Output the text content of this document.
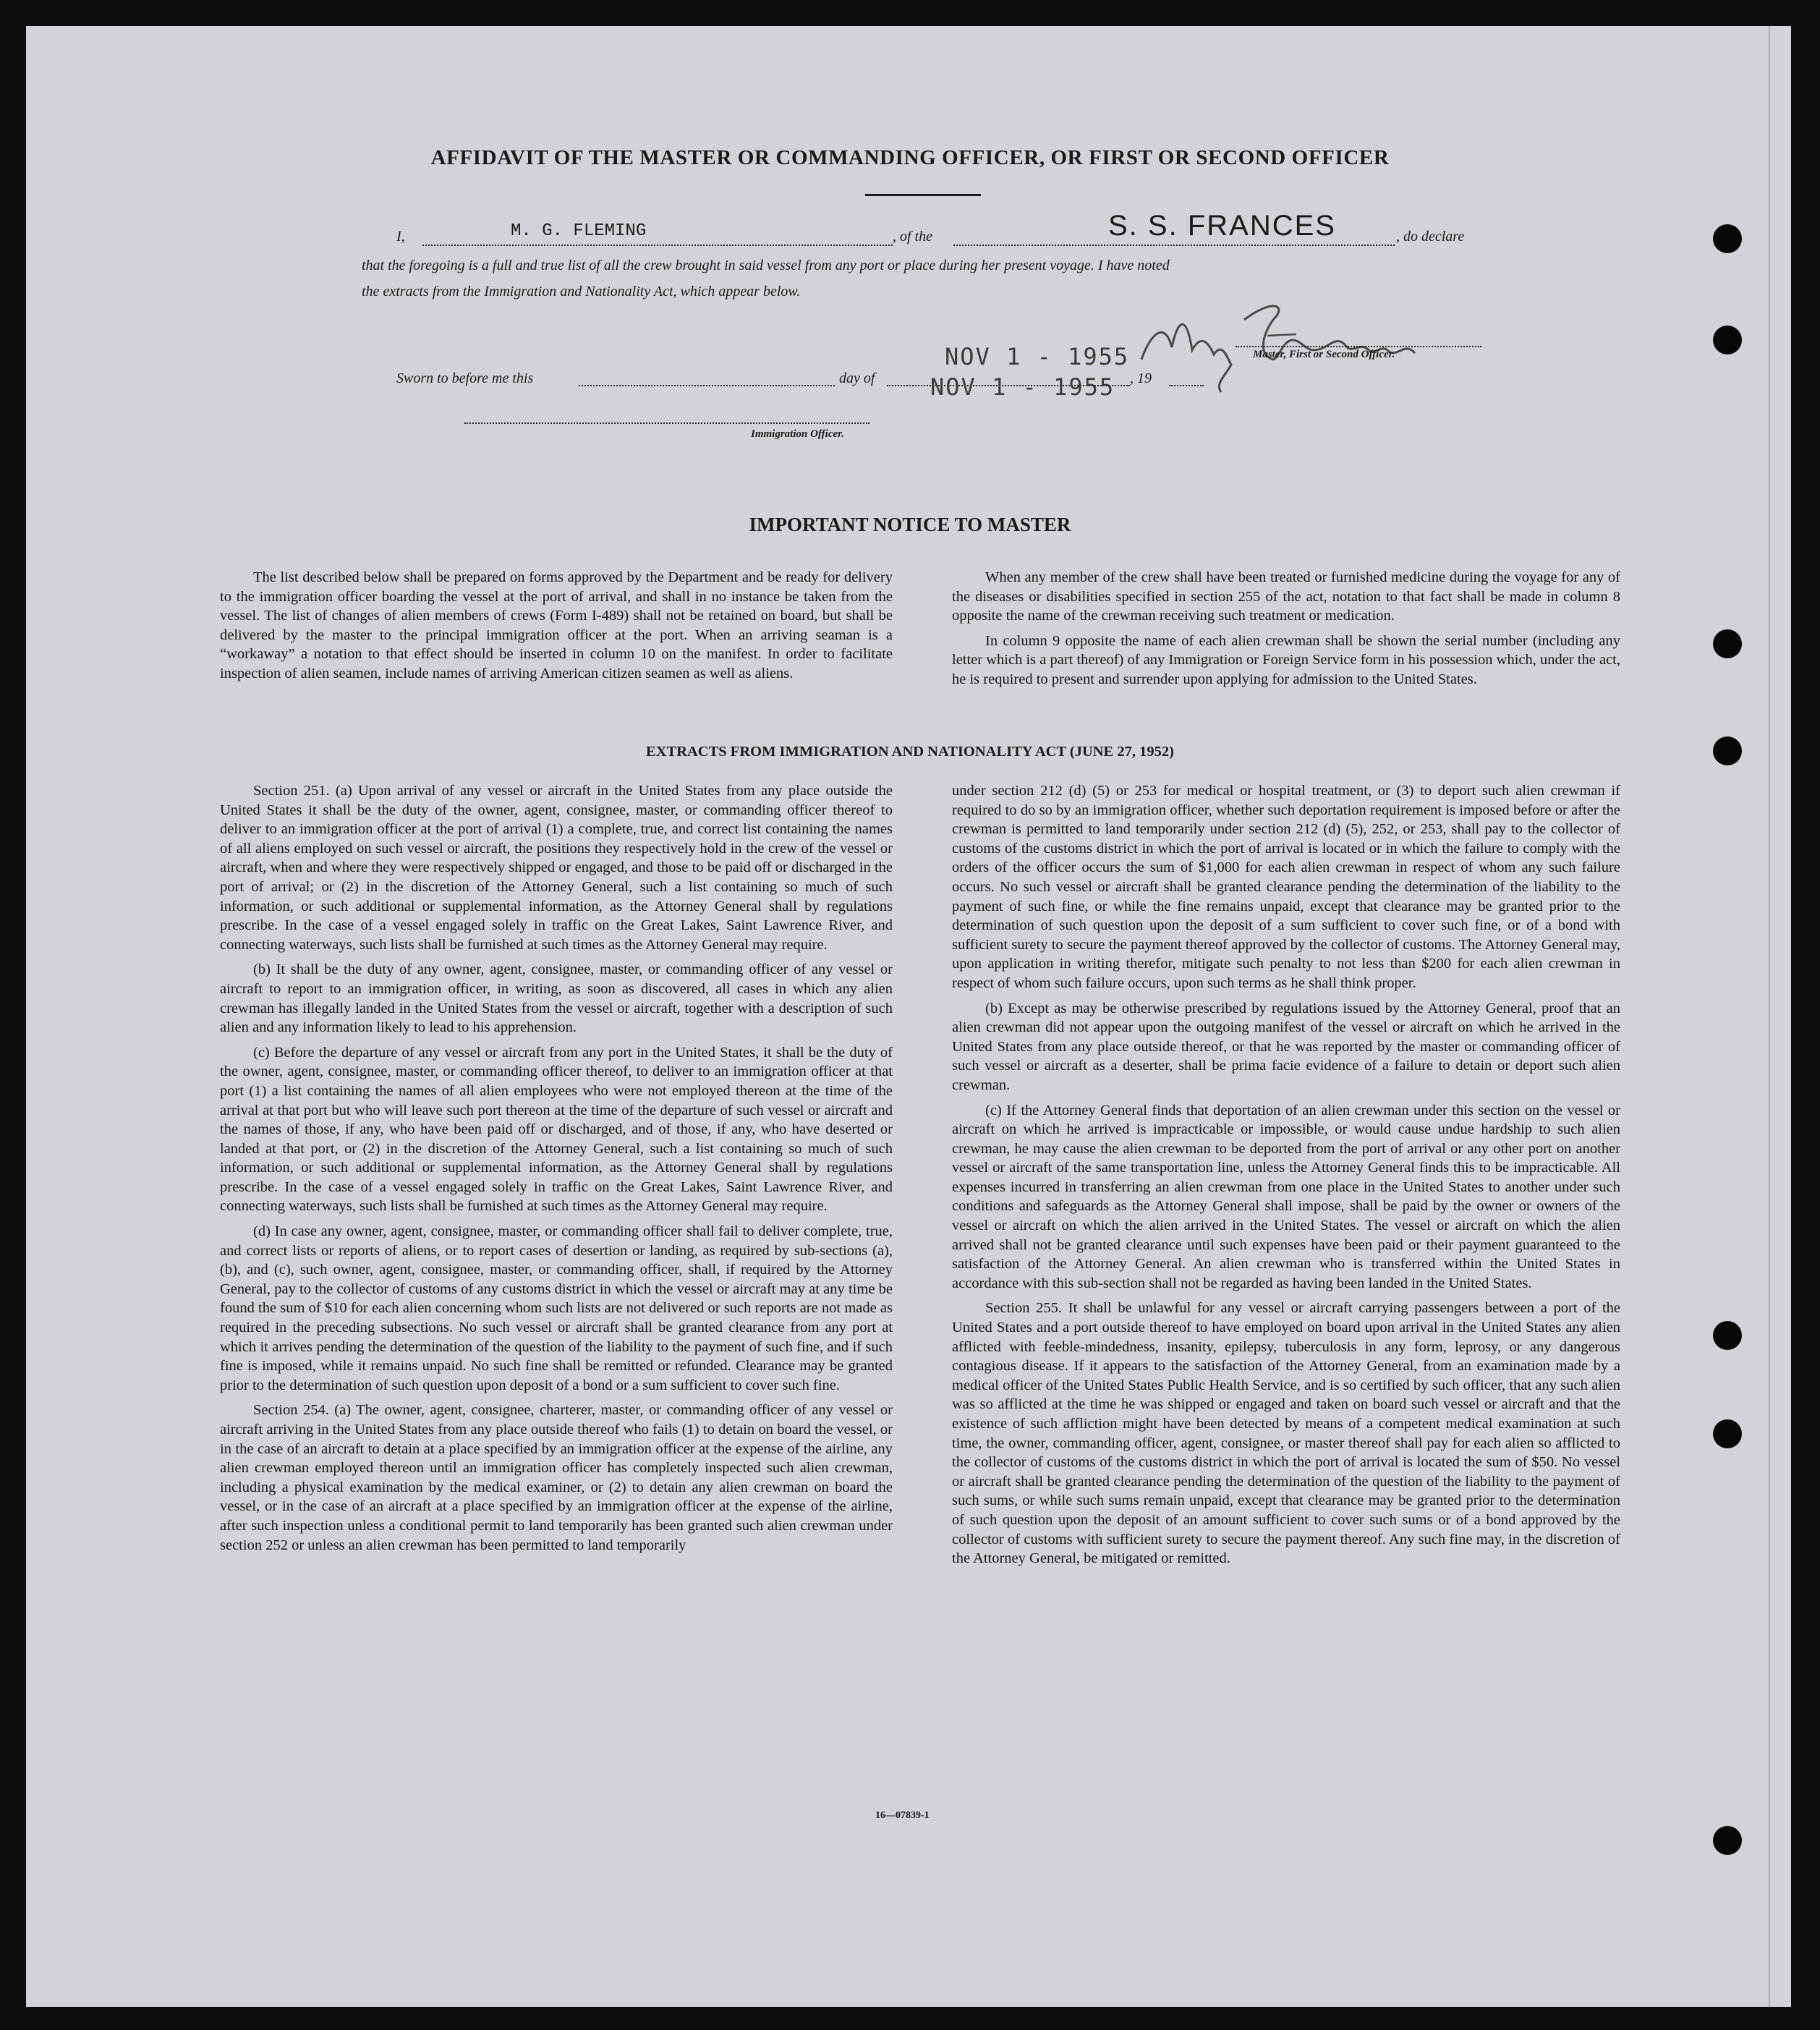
AFFIDAVIT OF THE MASTER OR COMMANDING OFFICER, OR FIRST OR SECOND OFFICER
I,	M. G. FLEMING	, of the	S. S. FRANCES	, do declare
that the foregoing is a full and true list of all the crew brought in said vessel from any port or place during her present voyage. I have noted
the extracts from the Immigration and Nationality Act, which appear below.
Master, First or Second Officer.
Sworn to before me this	day of
NOV 1 - 1955
NOV 1 - 1955 , 19
Immigration Officer.
IMPORTANT NOTICE TO MASTER

The list described below shall be prepared on forms approved by the Department and be ready for delivery to the immigration officer boarding the vessel at the port of arrival, and shall in no instance be taken from the vessel. The list of changes of alien members of crews (Form I-489) shall not be retained on board, but shall be delivered by the master to the principal immigration officer at the port. When an arriving seaman is a “workaway” a notation to that effect should be inserted in column 10 on the manifest. In order to facilitate inspection of alien seamen, include names of arriving American citizen seamen as well as aliens.

When any member of the crew shall have been treated or furnished medicine during the voyage for any of the diseases or disabilities specified in section 255 of the act, notation to that fact shall be made in column 8 opposite the name of the crewman receiving such treatment or medication.

In column 9 opposite the name of each alien crewman shall be shown the serial number (including any letter which is a part thereof) of any Immigration or Foreign Service form in his possession which, under the act, he is required to present and surrender upon applying for admission to the United States.

EXTRACTS FROM IMMIGRATION AND NATIONALITY ACT (JUNE 27, 1952)

Section 251. (a) Upon arrival of any vessel or aircraft in the United States from any place outside the United States it shall be the duty of the owner, agent, consignee, master, or commanding officer thereof to deliver to an immigration officer at the port of arrival (1) a complete, true, and correct list containing the names of all aliens employed on such vessel or aircraft, the positions they respectively hold in the crew of the vessel or aircraft, when and where they were respectively shipped or engaged, and those to be paid off or discharged in the port of arrival; or (2) in the discretion of the Attorney General, such a list containing so much of such information, or such additional or supplemental information, as the Attorney General shall by regulations prescribe. In the case of a vessel engaged solely in traffic on the Great Lakes, Saint Lawrence River, and connecting waterways, such lists shall be furnished at such times as the Attorney General may require.

(b) It shall be the duty of any owner, agent, consignee, master, or commanding officer of any vessel or aircraft to report to an immigration officer, in writing, as soon as discovered, all cases in which any alien crewman has illegally landed in the United States from the vessel or aircraft, together with a description of such alien and any information likely to lead to his apprehension.

(c) Before the departure of any vessel or aircraft from any port in the United States, it shall be the duty of the owner, agent, consignee, master, or commanding officer thereof, to deliver to an immigration officer at that port (1) a list containing the names of all alien employees who were not employed thereon at the time of the arrival at that port but who will leave such port thereon at the time of the departure of such vessel or aircraft and the names of those, if any, who have been paid off or discharged, and of those, if any, who have deserted or landed at that port, or (2) in the discretion of the Attorney General, such a list containing so much of such information, or such additional or supplemental information, as the Attorney General shall by regulations prescribe. In the case of a vessel engaged solely in traffic on the Great Lakes, Saint Lawrence River, and connecting waterways, such lists shall be furnished at such times as the Attorney General may require.

(d) In case any owner, agent, consignee, master, or commanding officer shall fail to deliver complete, true, and correct lists or reports of aliens, or to report cases of desertion or landing, as required by sub-sections (a), (b), and (c), such owner, agent, consignee, master, or commanding officer, shall, if required by the Attorney General, pay to the collector of customs of any customs district in which the vessel or aircraft may at any time be found the sum of $10 for each alien concerning whom such lists are not delivered or such reports are not made as required in the preceding subsections. No such vessel or aircraft shall be granted clearance from any port at which it arrives pending the determination of the question of the liability to the payment of such fine, and if such fine is imposed, while it remains unpaid. No such fine shall be remitted or refunded. Clearance may be granted prior to the determination of such question upon deposit of a bond or a sum sufficient to cover such fine.

Section 254. (a) The owner, agent, consignee, charterer, master, or commanding officer of any vessel or aircraft arriving in the United States from any place outside thereof who fails (1) to detain on board the vessel, or in the case of an aircraft to detain at a place specified by an immigration officer at the expense of the airline, any alien crewman employed thereon until an immigration officer has completely inspected such alien crewman, including a physical examination by the medical examiner, or (2) to detain any alien crewman on board the vessel, or in the case of an aircraft at a place specified by an immigration officer at the expense of the airline, after such inspection unless a conditional permit to land temporarily has been granted such alien crewman under section 252 or unless an alien crewman has been permitted to land temporarily

under section 212 (d) (5) or 253 for medical or hospital treatment, or (3) to deport such alien crewman if required to do so by an immigration officer, whether such deportation requirement is imposed before or after the crewman is permitted to land temporarily under section 212 (d) (5), 252, or 253, shall pay to the collector of customs of the customs district in which the port of arrival is located or in which the failure to comply with the orders of the officer occurs the sum of $1,000 for each alien crewman in respect of whom any such failure occurs. No such vessel or aircraft shall be granted clearance pending the determination of the liability to the payment of such fine, or while the fine remains unpaid, except that clearance may be granted prior to the determination of such question upon the deposit of a sum sufficient to cover such fine, or of a bond with sufficient surety to secure the payment thereof approved by the collector of customs. The Attorney General may, upon application in writing therefor, mitigate such penalty to not less than $200 for each alien crewman in respect of whom such failure occurs, upon such terms as he shall think proper.

(b) Except as may be otherwise prescribed by regulations issued by the Attorney General, proof that an alien crewman did not appear upon the outgoing manifest of the vessel or aircraft on which he arrived in the United States from any place outside thereof, or that he was reported by the master or commanding officer of such vessel or aircraft as a deserter, shall be prima facie evidence of a failure to detain or deport such alien crewman.

(c) If the Attorney General finds that deportation of an alien crewman under this section on the vessel or aircraft on which he arrived is impracticable or impossible, or would cause undue hardship to such alien crewman, he may cause the alien crewman to be deported from the port of arrival or any other port on another vessel or aircraft of the same transportation line, unless the Attorney General finds this to be impracticable. All expenses incurred in transferring an alien crewman from one place in the United States to another under such conditions and safeguards as the Attorney General shall impose, shall be paid by the owner or owners of the vessel or aircraft on which the alien arrived in the United States. The vessel or aircraft on which the alien arrived shall not be granted clearance until such expenses have been paid or their payment guaranteed to the satisfaction of the Attorney General. An alien crewman who is transferred within the United States in accordance with this sub-section shall not be regarded as having been landed in the United States.

Section 255. It shall be unlawful for any vessel or aircraft carrying passengers between a port of the United States and a port outside thereof to have employed on board upon arrival in the United States any alien afflicted with feeble-mindedness, insanity, epilepsy, tuberculosis in any form, leprosy, or any dangerous contagious disease. If it appears to the satisfaction of the Attorney General, from an examination made by a medical officer of the United States Public Health Service, and is so certified by such officer, that any such alien was so afflicted at the time he was shipped or engaged and taken on board such vessel or aircraft and that the existence of such affliction might have been detected by means of a competent medical examination at such time, the owner, commanding officer, agent, consignee, or master thereof shall pay for each alien so afflicted to the collector of customs of the customs district in which the port of arrival is located the sum of $50. No vessel or aircraft shall be granted clearance pending the determination of the question of the liability to the payment of such sums, or while such sums remain unpaid, except that clearance may be granted prior to the determination of such question upon the deposit of an amount sufficient to cover such sums or of a bond approved by the collector of customs with sufficient surety to secure the payment thereof. Any such fine may, in the discretion of the Attorney General, be mitigated or remitted.

16—07839-1
